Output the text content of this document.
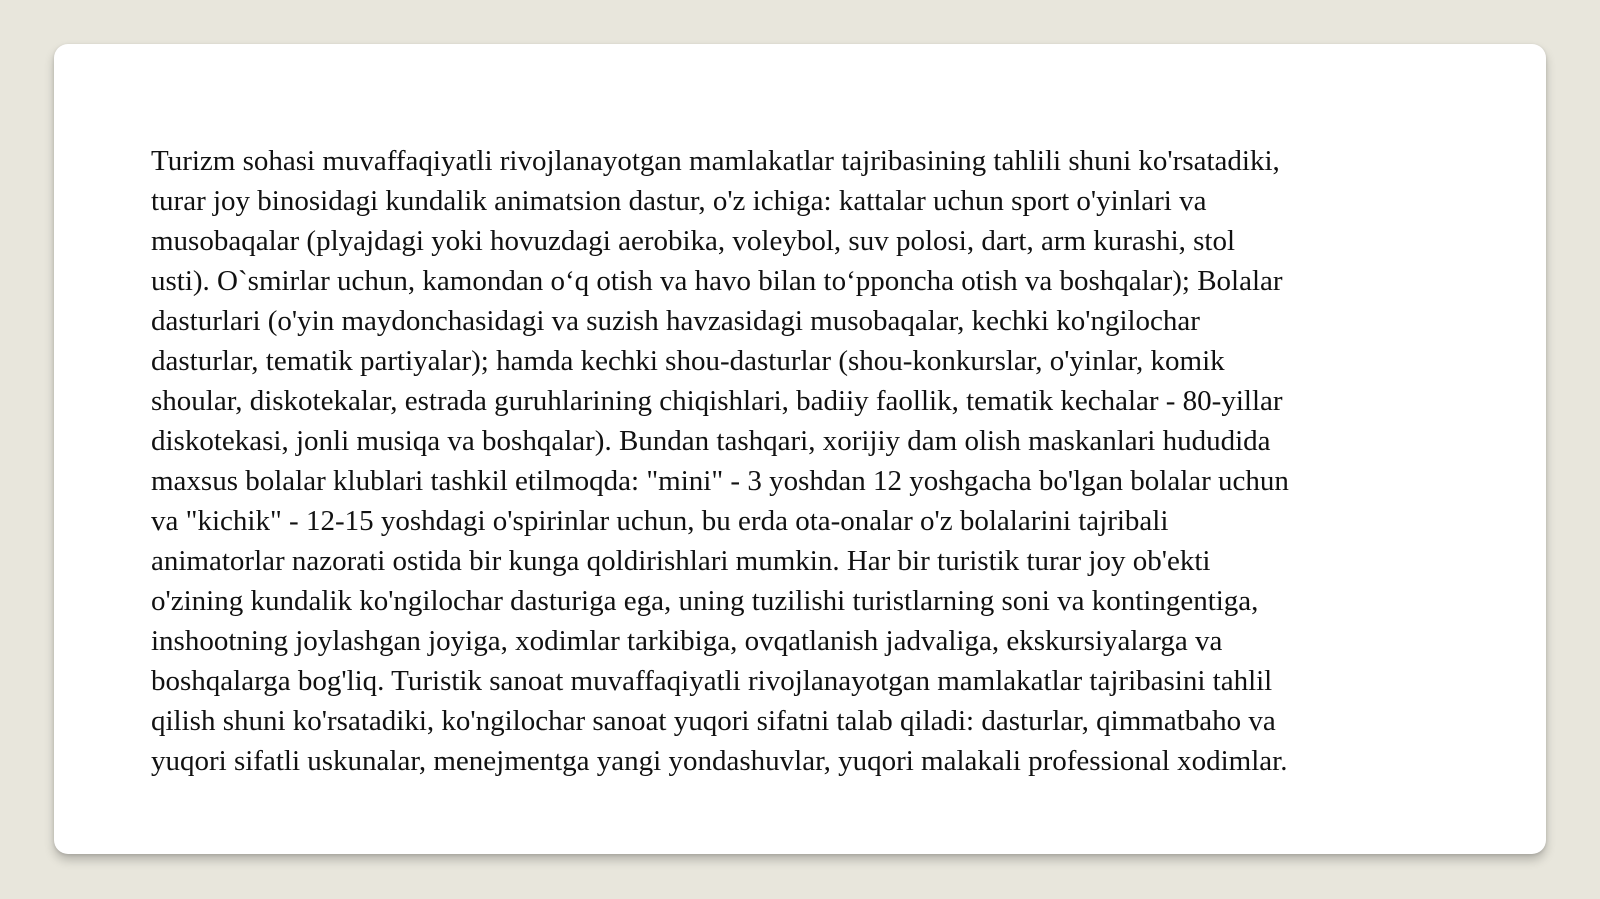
Turizm sohasi muvaffaqiyatli rivojlanayotgan mamlakatlar tajribasining tahlili shuni ko'rsatadiki,
turar joy binosidagi kundalik animatsion dastur, o'z ichiga: kattalar uchun sport o'yinlari va
musobaqalar (plyajdagi yoki hovuzdagi aerobika, voleybol, suv polosi, dart, arm kurashi, stol
usti). O`smirlar uchun, kamondan o‘q otish va havo bilan to‘pponcha otish va boshqalar); Bolalar
dasturlari (o'yin maydonchasidagi va suzish havzasidagi musobaqalar, kechki ko'ngilochar
dasturlar, tematik partiyalar); hamda kechki shou-dasturlar (shou-konkurslar, o'yinlar, komik
shoular, diskotekalar, estrada guruhlarining chiqishlari, badiiy faollik, tematik kechalar - 80-yillar
diskotekasi, jonli musiqa va boshqalar). Bundan tashqari, xorijiy dam olish maskanlari hududida
maxsus bolalar klublari tashkil etilmoqda: "mini" - 3 yoshdan 12 yoshgacha bo'lgan bolalar uchun
va "kichik" - 12-15 yoshdagi o'spirinlar uchun, bu erda ota-onalar o'z bolalarini tajribali
animatorlar nazorati ostida bir kunga qoldirishlari mumkin. Har bir turistik turar joy ob'ekti
o'zining kundalik ko'ngilochar dasturiga ega, uning tuzilishi turistlarning soni va kontingentiga,
inshootning joylashgan joyiga, xodimlar tarkibiga, ovqatlanish jadvaliga, ekskursiyalarga va
boshqalarga bog'liq. Turistik sanoat muvaffaqiyatli rivojlanayotgan mamlakatlar tajribasini tahlil
qilish shuni ko'rsatadiki, ko'ngilochar sanoat yuqori sifatni talab qiladi: dasturlar, qimmatbaho va
yuqori sifatli uskunalar, menejmentga yangi yondashuvlar, yuqori malakali professional xodimlar.
